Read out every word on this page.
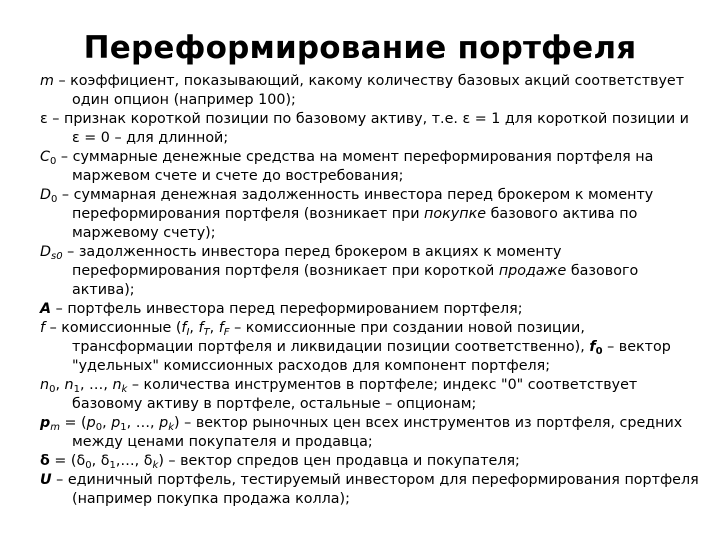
Переформирование портфеля

m – коэффициент, показывающий, какому количеству базовых акций соответствует один опцион (например 100);

ε – признак короткой позиции по базовому активу, т.е. ε = 1 для короткой позиции и ε = 0 – для длинной;

$C_0$ – суммарные денежные средства на момент переформирования портфеля на маржевом счете и счете до востребования;

$D_0$ – суммарная денежная задолженность инвестора перед брокером к моменту переформирования портфеля (возникает при покупке базового актива по маржевому счету);

$D_{s0}$ – задолженность инвестора перед брокером в акциях к моменту переформирования портфеля (возникает при короткой продаже базового актива);

A – портфель инвестора перед переформированием портфеля;

f – комиссионные ($f_I$, $f_T$, $f_F$ – комиссионные при создании новой позиции, трансформации портфеля и ликвидации позиции соответственно), $f_0$ – вектор "удельных" комиссионных расходов для компонент портфеля;

$n_0$, $n_1$, …, $n_k$ – количества инструментов в портфеле; индекс "0" соответствует базовому активу в портфеле, остальные – опционам;

$p_m = (p_0$, $p_1$, …, $p_k$) – вектор рыночных цен всех инструментов из портфеля, средних между ценами покупателя и продавца;

$\delta = (\delta_0$, $\delta_1,\dots$, $\delta_k$) – вектор спредов цен продавца и покупателя;

U – единичный портфель, тестируемый инвестором для переформирования портфеля (например покупка продажа колла);
